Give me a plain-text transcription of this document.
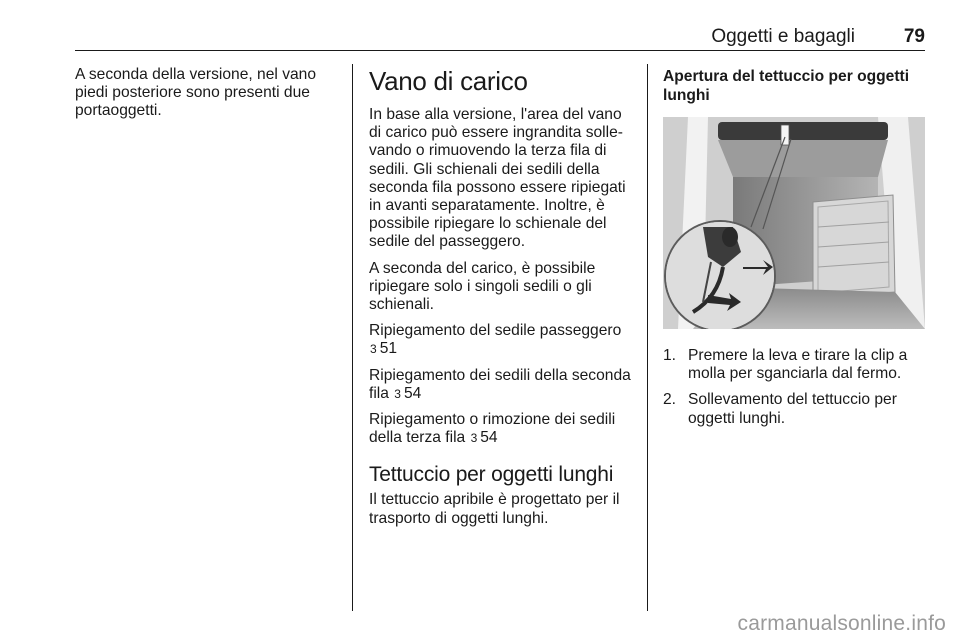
Oggetti e bagagli	79

A seconda della versione, nel vano piedi posteriore sono presenti due portaoggetti.

Vano di carico

In base alla versione, l'area del vano di carico può essere ingrandita sollevando o rimuovendo la terza fila di sedili. Gli schienali dei sedili della seconda fila possono essere ripiegati in avanti separatamente. Inoltre, è possibile ripiegare lo schienale del sedile del passeggero.

A seconda del carico, è possibile ripiegare solo i singoli sedili o gli schienali.

Ripiegamento del sedile passeggero 3 51

Ripiegamento dei sedili della seconda fila 3 54

Ripiegamento o rimozione dei sedili della terza fila 3 54

Tettuccio per oggetti lunghi

Il tettuccio apribile è progettato per il trasporto di oggetti lunghi.

Apertura del tettuccio per oggetti lunghi
1. Premere la leva e tirare la clip a molla per sganciarla dal fermo.
2. Sollevamento del tettuccio per oggetti lunghi.
carmanualsonline.info
